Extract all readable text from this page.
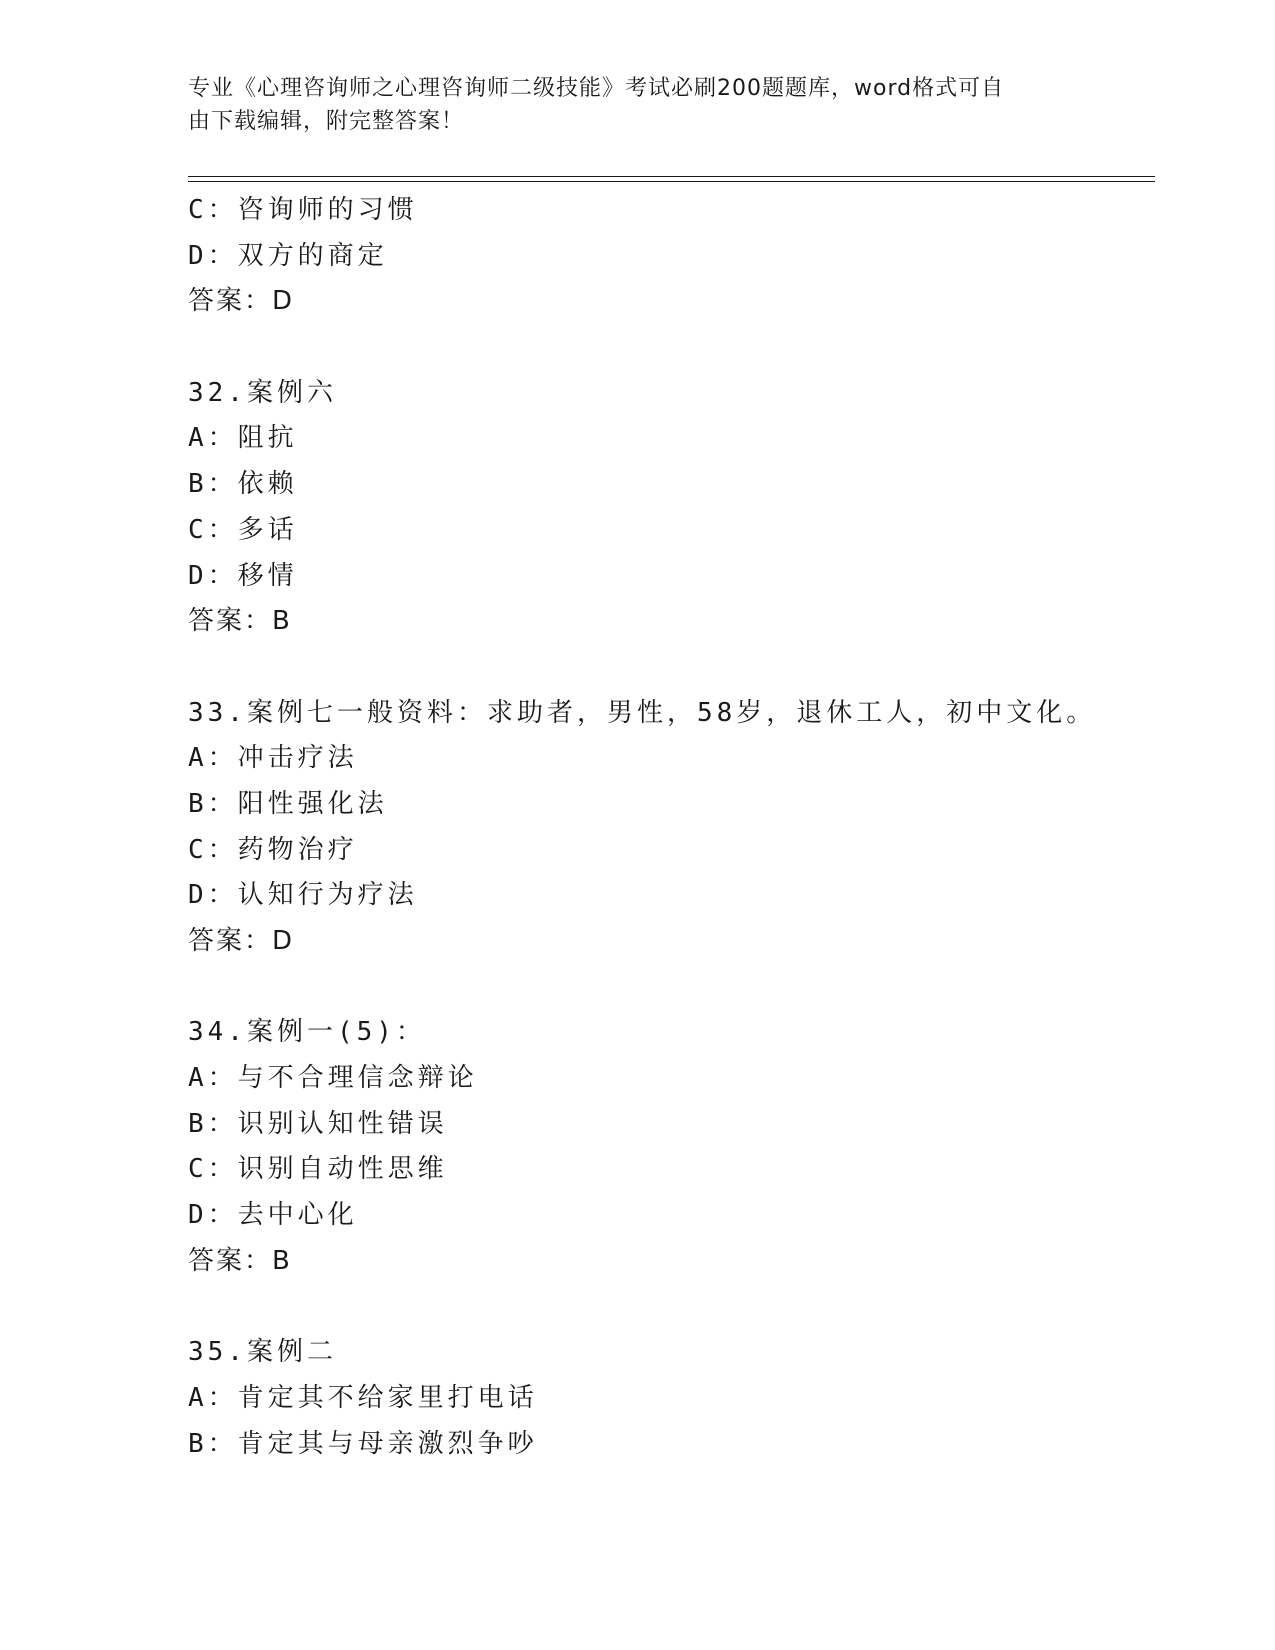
专业《心理咨询师之心理咨询师二级技能》考试必刷200题题库，word格式可自
由下载编辑，附完整答案！
C：咨询师的习惯
D：双方的商定
答案：D
32.案例六
A：阻抗
B：依赖
C：多话
D：移情
答案：B
33.案例七一般资料：求助者，男性，58岁，退休工人，初中文化。
A：冲击疗法
B：阳性强化法
C：药物治疗
D：认知行为疗法
答案：D
34.案例一(5)：
A：与不合理信念辩论
B：识别认知性错误
C：识别自动性思维
D：去中心化
答案：B
35.案例二
A：肯定其不给家里打电话
B：肯定其与母亲激烈争吵
